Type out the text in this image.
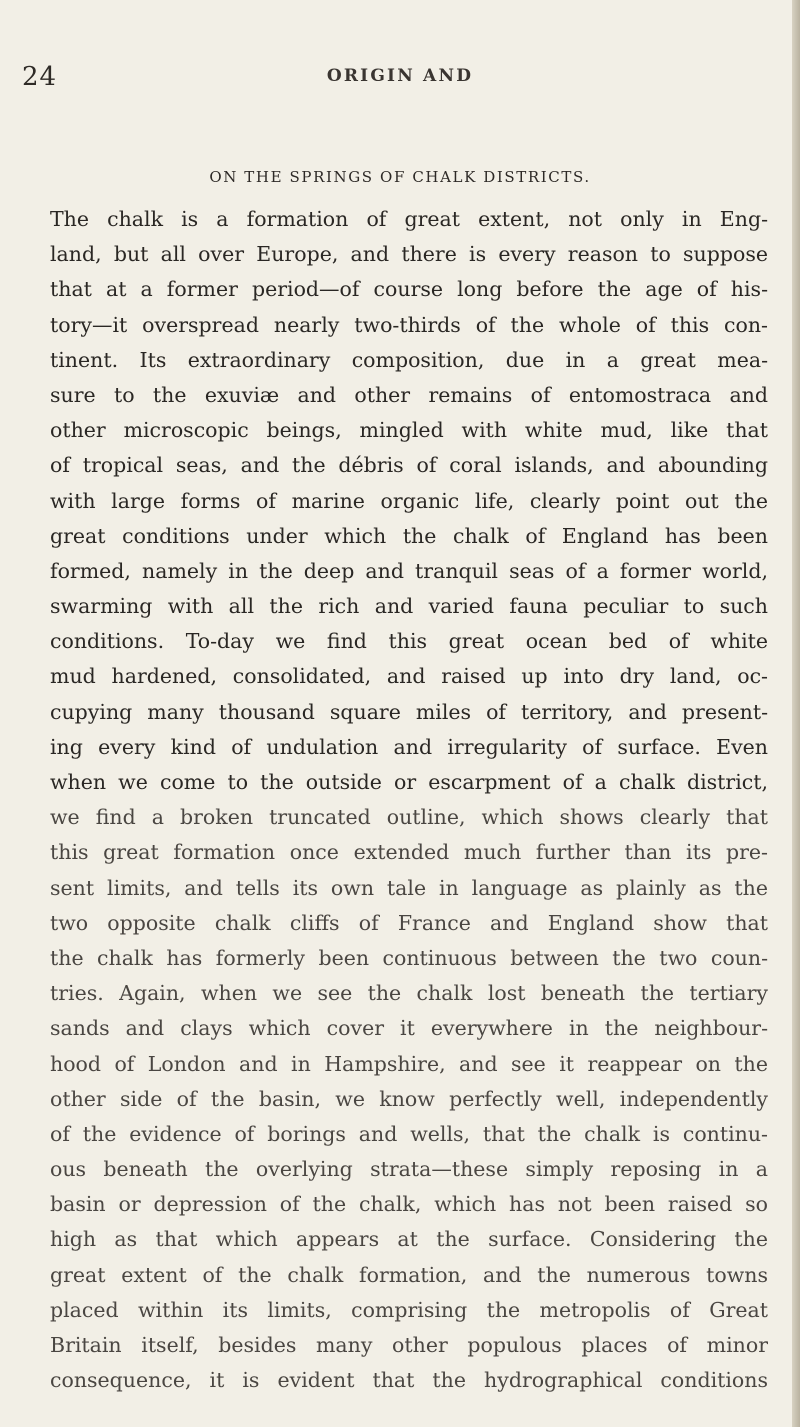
24	ORIGIN AND
ON THE SPRINGS OF CHALK DISTRICTS.
The chalk is a formation of great extent, not only in Eng-
land, but all over Europe, and there is every reason to suppose
that at a former period—of course long before the age of his-
tory—it overspread nearly two-thirds of the whole of this con-
tinent. Its extraordinary composition, due in a great mea-
sure to the exuviæ and other remains of entomostraca and
other microscopic beings, mingled with white mud, like that
of tropical seas, and the débris of coral islands, and abounding
with large forms of marine organic life, clearly point out the
great conditions under which the chalk of England has been
formed, namely in the deep and tranquil seas of a former world,
swarming with all the rich and varied fauna peculiar to such
conditions. To-day we find this great ocean bed of white
mud hardened, consolidated, and raised up into dry land, oc-
cupying many thousand square miles of territory, and present-
ing every kind of undulation and irregularity of surface. Even
when we come to the outside or escarpment of a chalk district,
we find a broken truncated outline, which shows clearly that
this great formation once extended much further than its pre-
sent limits, and tells its own tale in language as plainly as the
two opposite chalk cliffs of France and England show that
the chalk has formerly been continuous between the two coun-
tries. Again, when we see the chalk lost beneath the tertiary
sands and clays which cover it everywhere in the neighbour-
hood of London and in Hampshire, and see it reappear on the
other side of the basin, we know perfectly well, independently
of the evidence of borings and wells, that the chalk is continu-
ous beneath the overlying strata—these simply reposing in a
basin or depression of the chalk, which has not been raised so
high as that which appears at the surface. Considering the
great extent of the chalk formation, and the numerous towns
placed within its limits, comprising the metropolis of Great
Britain itself, besides many other populous places of minor
consequence, it is evident that the hydrographical conditions
